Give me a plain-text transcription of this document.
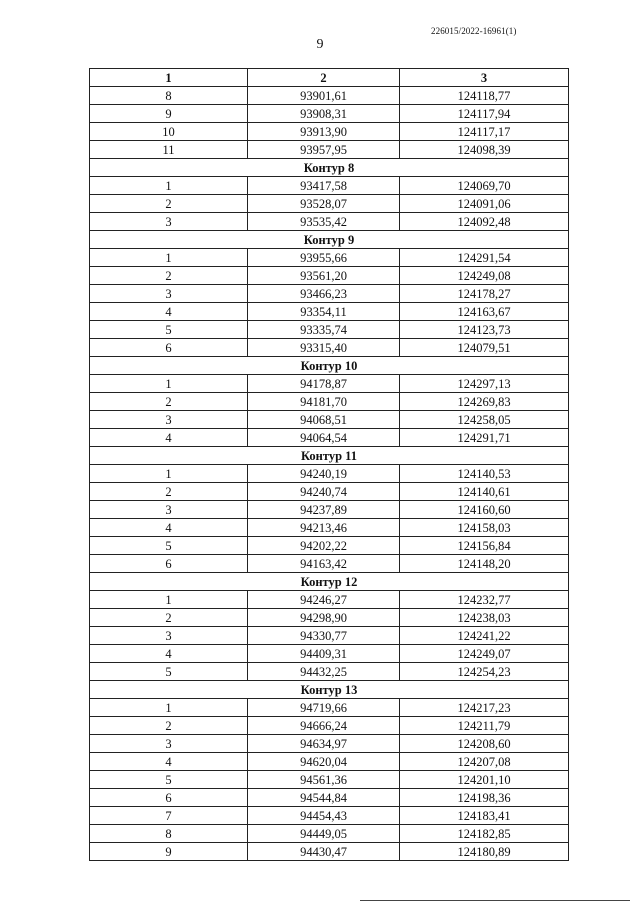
226015/2022-16961(1)
9
1	2	3
8	93901,61	124118,77
9	93908,31	124117,94
10	93913,90	124117,17
11	93957,95	124098,39
Контур 8		
1	93417,58	124069,70
2	93528,07	124091,06
3	93535,42	124092,48
Контур 9		
1	93955,66	124291,54
2	93561,20	124249,08
3	93466,23	124178,27
4	93354,11	124163,67
5	93335,74	124123,73
6	93315,40	124079,51
Контур 10		
1	94178,87	124297,13
2	94181,70	124269,83
3	94068,51	124258,05
4	94064,54	124291,71
Контур 11		
1	94240,19	124140,53
2	94240,74	124140,61
3	94237,89	124160,60
4	94213,46	124158,03
5	94202,22	124156,84
6	94163,42	124148,20
Контур 12		
1	94246,27	124232,77
2	94298,90	124238,03
3	94330,77	124241,22
4	94409,31	124249,07
5	94432,25	124254,23
Контур 13		
1	94719,66	124217,23
2	94666,24	124211,79
3	94634,97	124208,60
4	94620,04	124207,08
5	94561,36	124201,10
6	94544,84	124198,36
7	94454,43	124183,41
8	94449,05	124182,85
9	94430,47	124180,89
